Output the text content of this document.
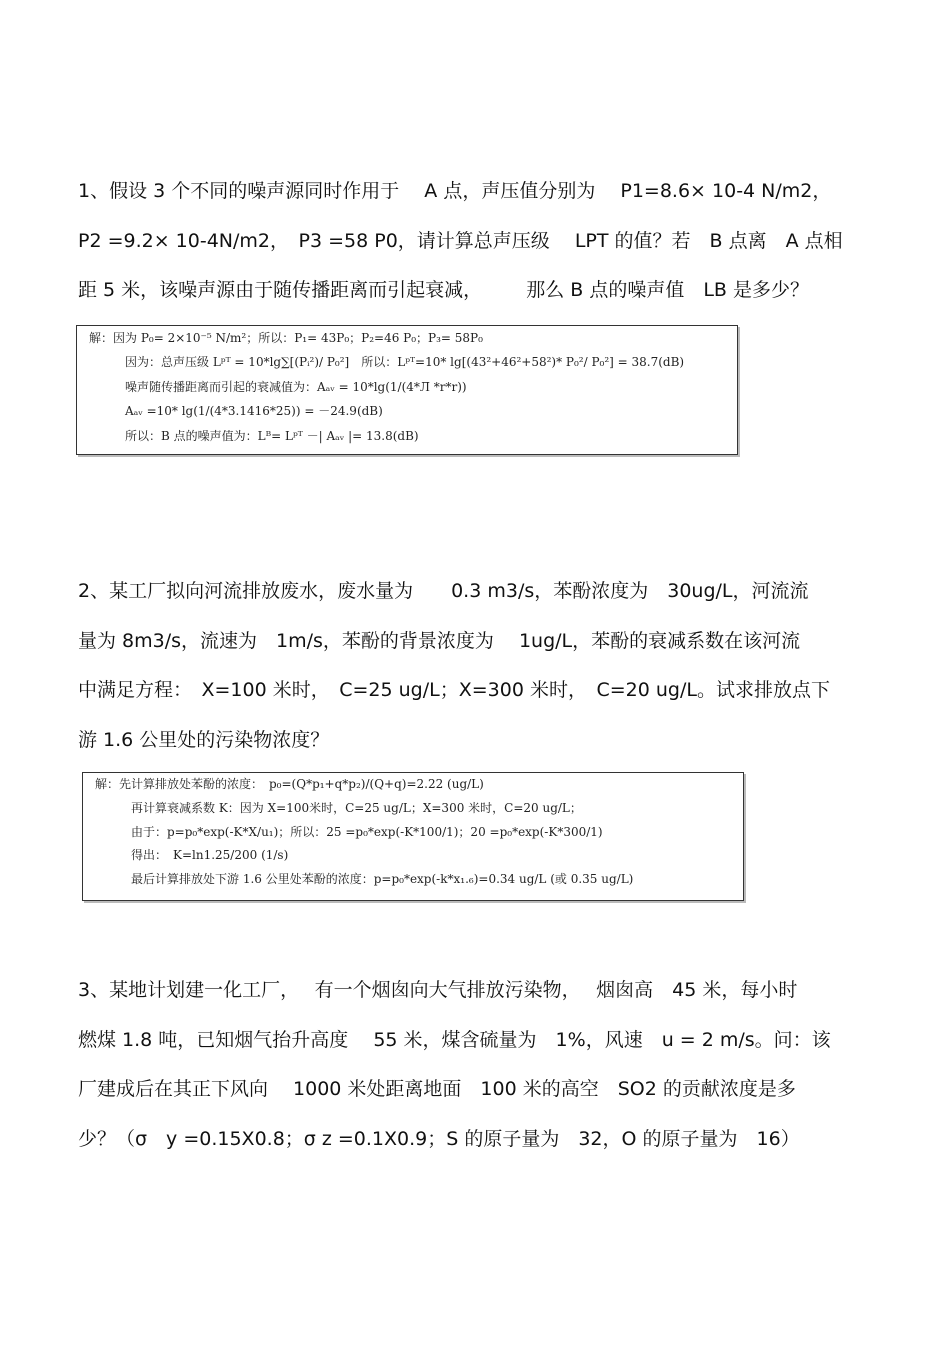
1、假设 3 个不同的噪声源同时作用于 　A 点，声压值分别为 　P1=8.6× 10-4 N/m2，
P2 =9.2× 10-4N/m2，　P3 =58 P0，请计算总声压级 　LPT 的值？若　B 点离　A 点相
距 5 米，该噪声源由于随传播距离而引起衰减， 　　那么 B 点的噪声值　LB 是多少？
解：因为 P₀= 2×10⁻⁵ N/m²；所以：P₁= 43P₀；P₂=46 P₀；P₃= 58P₀
因为：总声压级 Lᵖᵀ = 10*lg∑[(Pᵢ²)/ P₀²]　所以：Lᵖᵀ=10* lg[(43²+46²+58²)* P₀²/ P₀²] = 38.7(dB)
噪声随传播距离而引起的衰减值为：Aₐᵥ = 10*lg(1/(4*Л *r*r))
Aₐᵥ =10* lg(1/(4*3.1416*25)) = －24.9(dB)
所以：B 点的噪声值为：Lᴮ= Lᵖᵀ －| Aₐᵥ |= 13.8(dB)
2、某工厂拟向河流排放废水，废水量为　　0.3 m3/s，苯酚浓度为　30ug/L，河流流
量为 8m3/s，流速为　1m/s，苯酚的背景浓度为　 1ug/L，苯酚的衰减系数在该河流
中满足方程：　X=100 米时，　C=25 ug/L；X=300 米时，　C=20 ug/L。试求排放点下
游 1.6 公里处的污染物浓度？
解：先计算排放处苯酚的浓度：　p₀=(Q*p₁+q*p₂)/(Q+q)=2.22 (ug/L)
再计算衰减系数 K：因为 X=100米时，C=25 ug/L；X=300 米时，C=20 ug/L；
由于：p=p₀*exp(-K*X/u₁)；所以：25 =p₀*exp(-K*100/1)；20 =p₀*exp(-K*300/1)
得出：　K=ln1.25/200 (1/s)
最后计算排放处下游 1.6 公里处苯酚的浓度：p=p₀*exp(-k*x₁.₆)=0.34 ug/L (或 0.35 ug/L)
3、某地计划建一化工厂，　 有一个烟囱向大气排放污染物，　 烟囱高　45 米，每小时
燃煤 1.8 吨，已知烟气抬升高度　 55 米，煤含硫量为　1%，风速　u = 2 m/s。问：该
厂建成后在其正下风向　 1000 米处距离地面　100 米的高空　SO2 的贡献浓度是多
少？（σ　y =0.15X0.8；σ z =0.1X0.9；S 的原子量为　32，O 的原子量为　16）
